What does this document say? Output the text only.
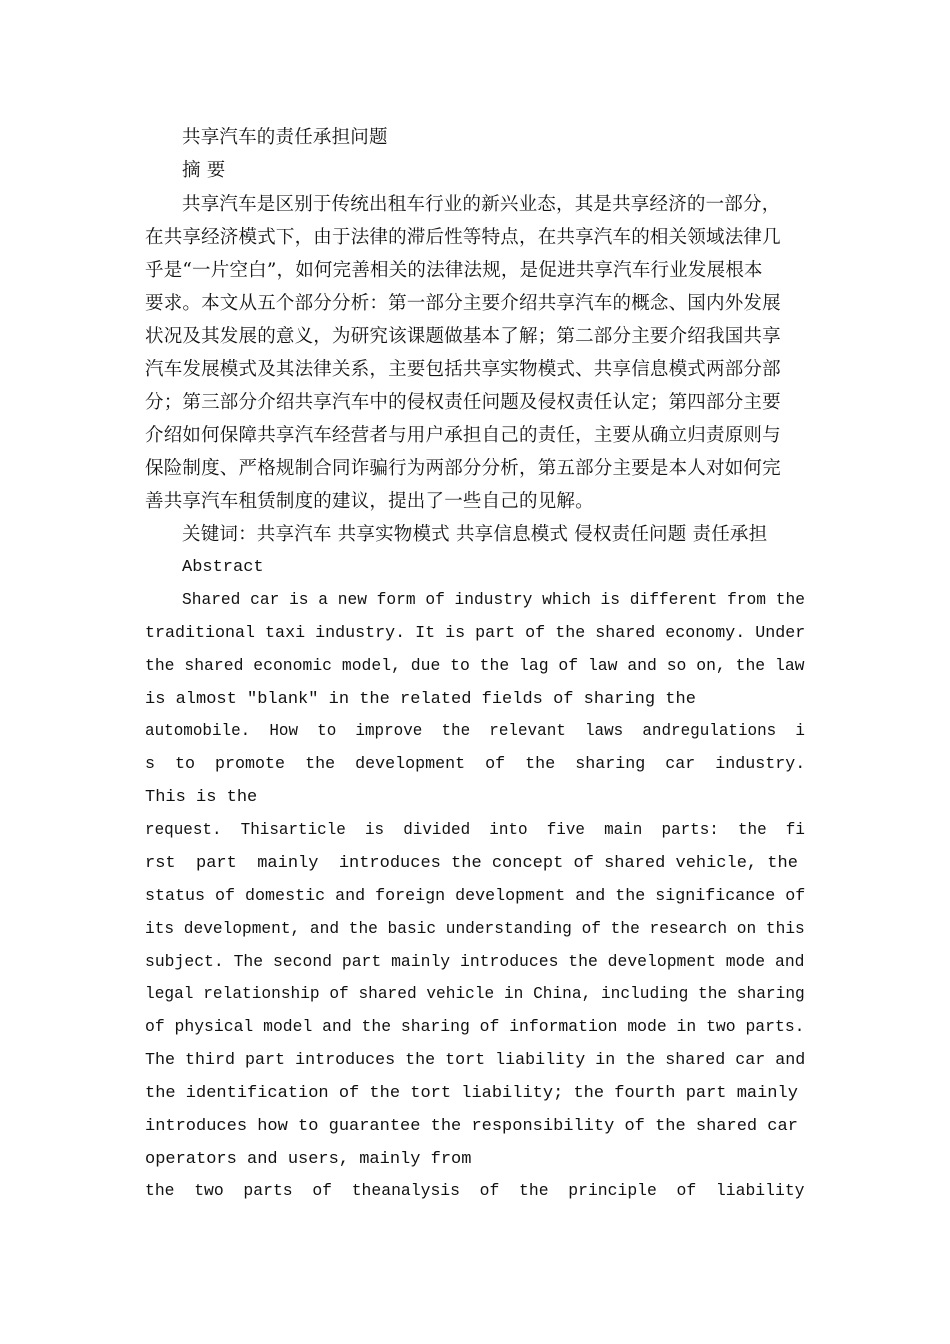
共享汽车的责任承担问题
摘 要
共享汽车是区别于传统出租车行业的新兴业态，其是共享经济的一部分，
在共享经济模式下，由于法律的滞后性等特点，在共享汽车的相关领域法律几
乎是“一片空白”，如何完善相关的法律法规，是促进共享汽车行业发展根本
要求。本文从五个部分分析：第一部分主要介绍共享汽车的概念、国内外发展
状况及其发展的意义，为研究该课题做基本了解；第二部分主要介绍我国共享
汽车发展模式及其法律关系，主要包括共享实物模式、共享信息模式两部分部
分；第三部分介绍共享汽车中的侵权责任问题及侵权责任认定；第四部分主要
介绍如何保障共享汽车经营者与用户承担自己的责任，主要从确立归责原则与
保险制度、严格规制合同诈骗行为两部分分析，第五部分主要是本人对如何完
善共享汽车租赁制度的建议，提出了一些自己的见解。
关键词：共享汽车 共享实物模式 共享信息模式 侵权责任问题 责任承担
Abstract
Shared car is a new form of industry which is different from the
traditional taxi industry. It is part of the shared economy. Under
the shared economic model, due to the lag of law and so on, the law
is almost "blank" in the related fields of sharing the
automobile.  How  to  improve  the  relevant  laws  andregulations  i
s  to  promote  the  development  of  the  sharing  car  industry.
This is the
request.  Thisarticle  is  divided  into  five  main  parts:  the  fi
rst  part  mainly  introduces the concept of shared vehicle, the
status of domestic and foreign development and the significance of
its development, and the basic understanding of the research on this
subject. The second part mainly introduces the development mode and
legal relationship of shared vehicle in China, including the sharing
of physical model and the sharing of information mode in two parts.
The third part introduces the tort liability in the shared car and
the identification of the tort liability; the fourth part mainly
introduces how to guarantee the responsibility of the shared car
operators and users, mainly from
the  two  parts  of  theanalysis  of  the  principle  of  liability
